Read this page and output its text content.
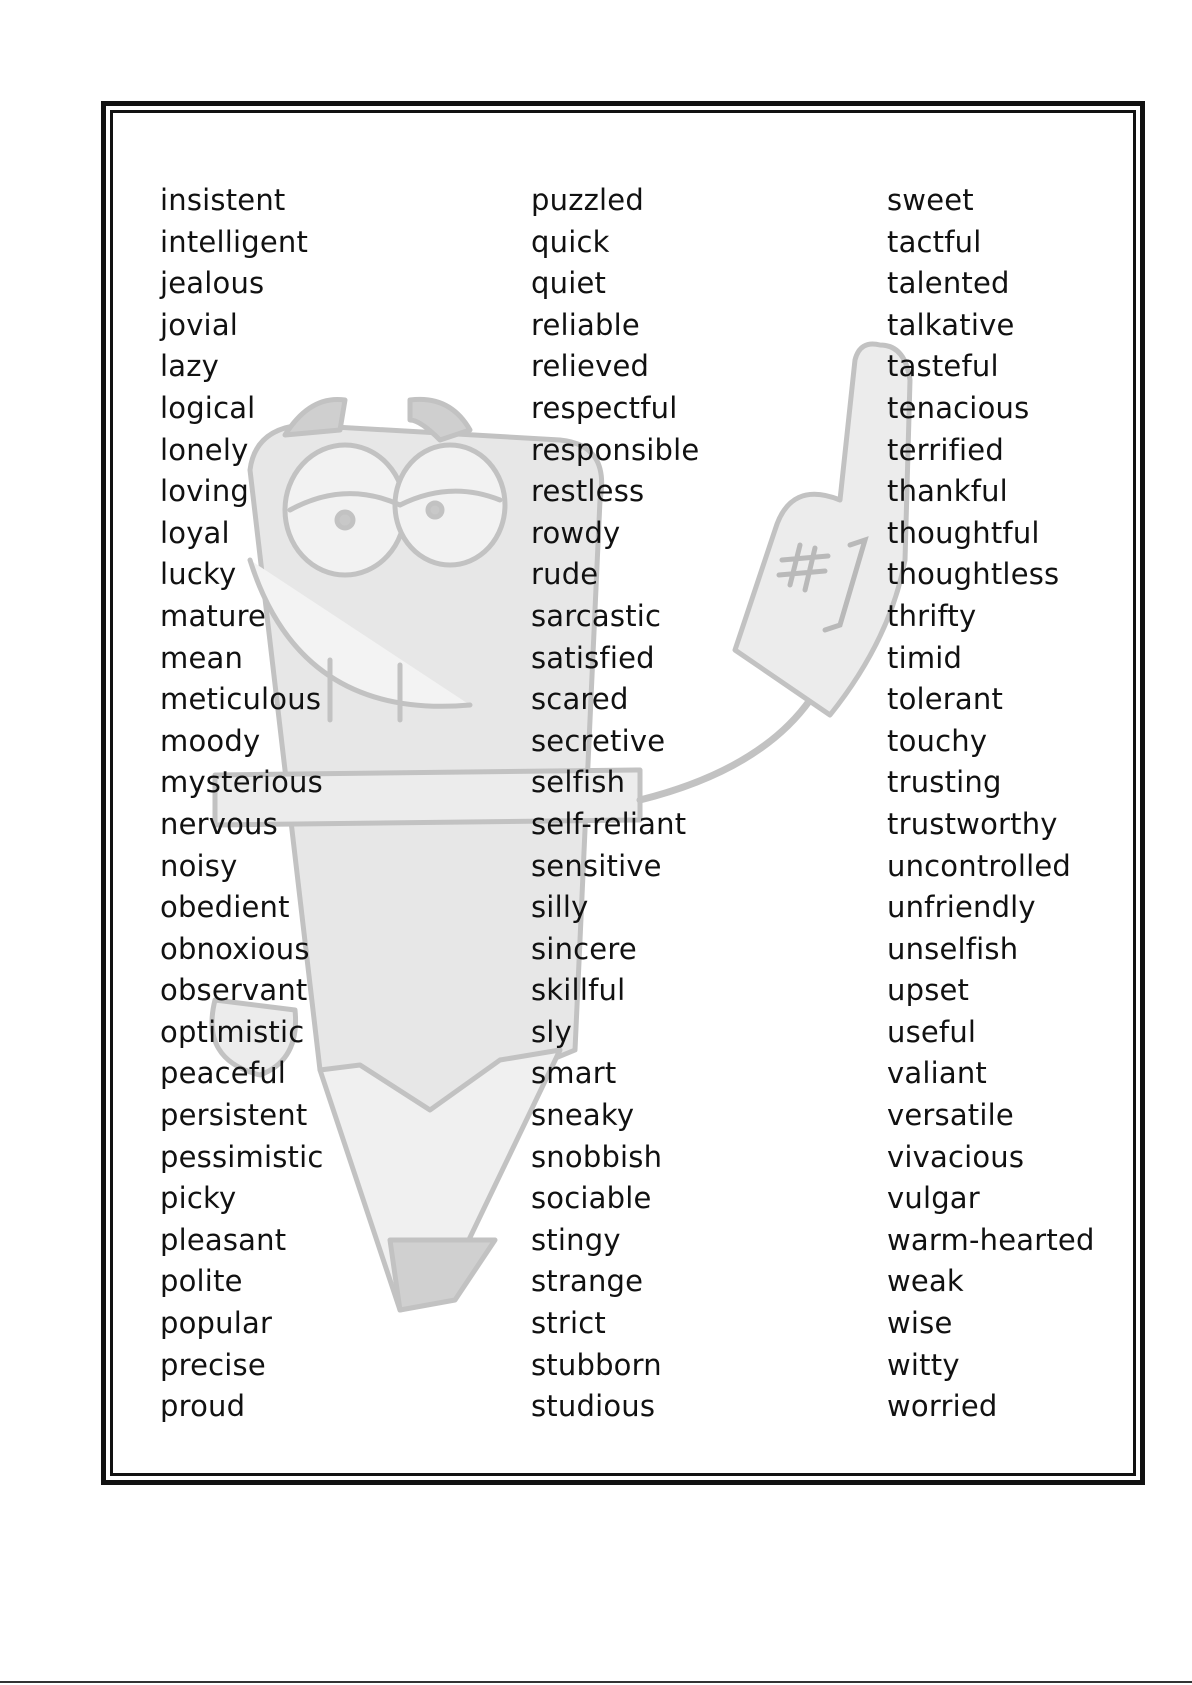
insistent
intelligent
jealous
jovial
lazy
logical
lonely
loving
loyal
lucky
mature
mean
meticulous
moody
mysterious
nervous
noisy
obedient
obnoxious
observant
optimistic
peaceful
persistent
pessimistic
picky
pleasant
polite
popular
precise
proud
puzzled
quick
quiet
reliable
relieved
respectful
responsible
restless
rowdy
rude
sarcastic
satisfied
scared
secretive
selfish
self-reliant
sensitive
silly
sincere
skillful
sly
smart
sneaky
snobbish
sociable
stingy
strange
strict
stubborn
studious
sweet
tactful
talented
talkative
tasteful
tenacious
terrified
thankful
thoughtful
thoughtless
thrifty
timid
tolerant
touchy
trusting
trustworthy
uncontrolled
unfriendly
unselfish
upset
useful
valiant
versatile
vivacious
vulgar
warm-hearted
weak
wise
witty
worried
